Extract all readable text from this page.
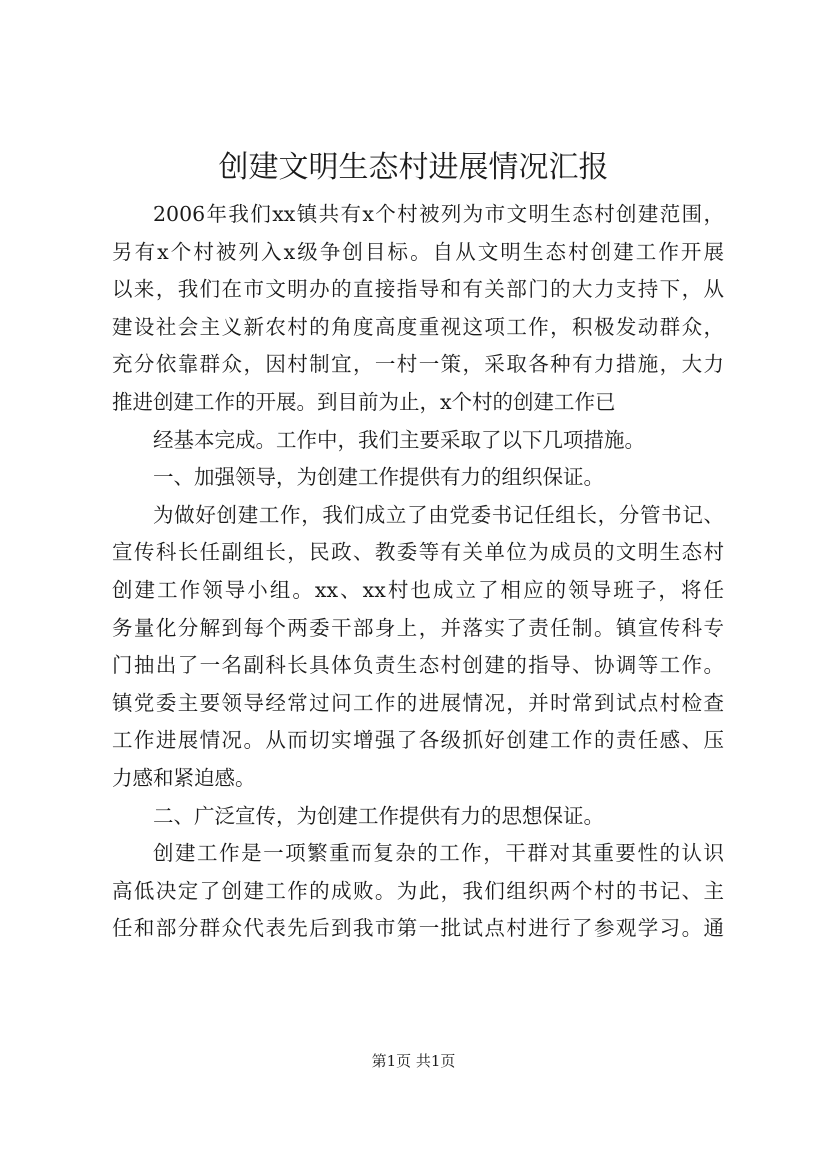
创建文明生态村进展情况汇报
2006年我们xx镇共有x个村被列为市文明生态村创建范围，
另有x个村被列入x级争创目标。自从文明生态村创建工作开展
以来，我们在市文明办的直接指导和有关部门的大力支持下，从
建设社会主义新农村的角度高度重视这项工作，积极发动群众，
充分依靠群众，因村制宜，一村一策，采取各种有力措施，大力
推进创建工作的开展。到目前为止，x个村的创建工作已
经基本完成。工作中，我们主要采取了以下几项措施。
一、加强领导，为创建工作提供有力的组织保证。
为做好创建工作，我们成立了由党委书记任组长，分管书记、
宣传科长任副组长，民政、教委等有关单位为成员的文明生态村
创建工作领导小组。xx、xx村也成立了相应的领导班子，将任
务量化分解到每个两委干部身上，并落实了责任制。镇宣传科专
门抽出了一名副科长具体负责生态村创建的指导、协调等工作。
镇党委主要领导经常过问工作的进展情况，并时常到试点村检查
工作进展情况。从而切实增强了各级抓好创建工作的责任感、压
力感和紧迫感。
二、广泛宣传，为创建工作提供有力的思想保证。
创建工作是一项繁重而复杂的工作，干群对其重要性的认识
高低决定了创建工作的成败。为此，我们组织两个村的书记、主
任和部分群众代表先后到我市第一批试点村进行了参观学习。通
第1页 共1页
